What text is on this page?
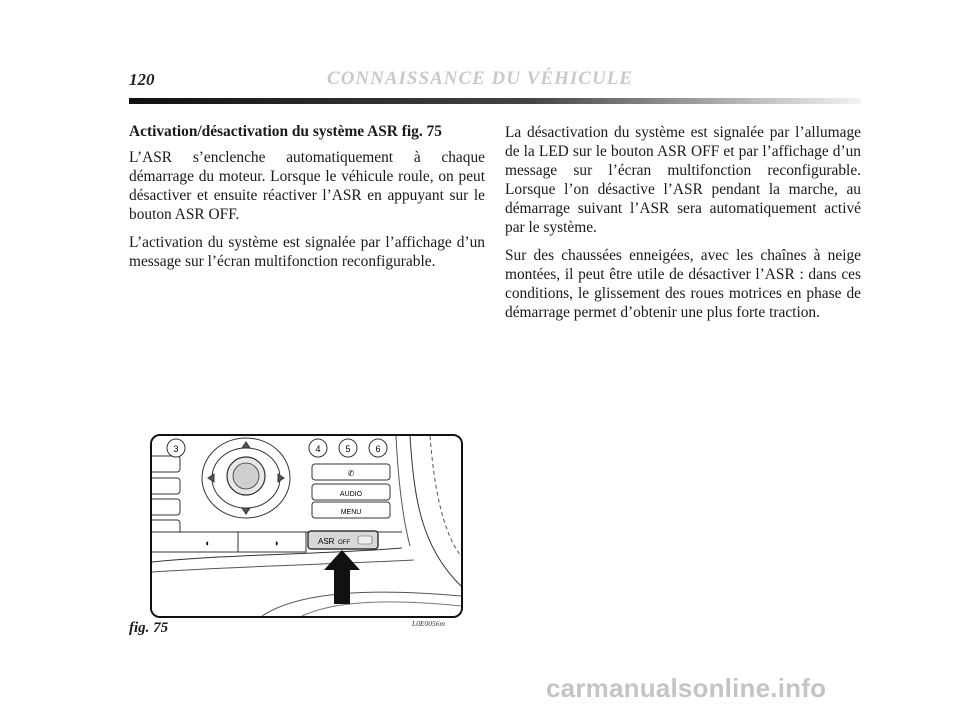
120	CONNAISSANCE DU VÉHICULE

Activation/désactivation du système ASR fig. 75

L’ASR s’enclenche automatiquement à chaque démarrage du moteur. Lorsque le véhicule roule, on peut désactiver et ensuite réactiver l’ASR en appuyant sur le bouton ASR OFF.

L’activation du système est signalée par l’affichage d’un message sur l’écran multifonction reconfigurable.

La désactivation du système est signalée par l’allumage de la LED sur le bouton ASR OFF et par l’affichage d’un message sur l’écran multifonction reconfigurable. Lorsque l’on désactive l’ASR pendant la marche, au démarrage suivant l’ASR sera automatiquement activé par le système.

Sur des chaussées enneigées, avec les chaînes à neige montées, il peut être utile de désactiver l’ASR : dans ces conditions, le glissement des roues motrices en phase de démarrage permet d’obtenir une plus forte traction.

3	4	5	6
✆
AUDIO
MENU
◐	◑	ASR OFF
fig. 75	L0E0056m
carmanualsonline.info
